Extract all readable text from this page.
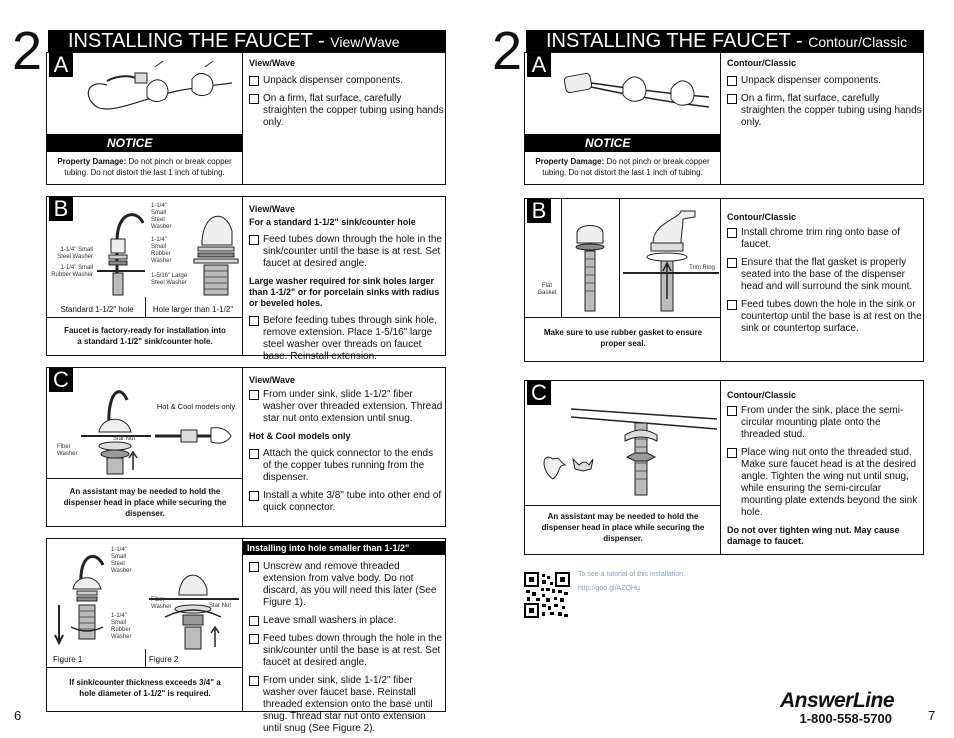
2	INSTALLING THE FAUCET - View/Wave
A
NOTICE
Property Damage: Do not pinch or break copper tubing. Do not distort the last 1 inch of tubing.
View/Wave
Unpack dispenser components.
On a firm, flat surface, carefully straighten the copper tubing using hands only.
B
1-1/4" Small Steel Washer
1-1/4" Small Rubber Washer
1-1/4" Small Steel Washer
1-1/4" Small Rubber Washer
1-5/16" Large Steel Washer
Standard 1-1/2" hole	Hole larger than 1-1/2"
Faucet is factory-ready for installation into a standard 1-1/2" sink/counter hole.
View/Wave
For a standard 1-1/2" sink/counter hole
Feed tubes down through the hole in the sink/counter until the base is at rest. Set faucet at desired angle.
Large washer required for sink holes larger than 1-1/2" or for porcelain sinks with radius or beveled holes.
Before feeding tubes through sink hole, remove extension. Place 1-5/16" large steel washer over threads on faucet base. Reinstall extension.
C
Fiber Washer
Star Nut
Hot & Cool models only
An assistant may be needed to hold the dispenser head in place while securing the dispenser.
View/Wave
From under sink, slide 1-1/2" fiber washer over threaded extension. Thread star nut onto extension until snug.
Hot & Cool models only
Attach the quick connector to the ends of the copper tubes running from the dispenser.
Install a white 3/8" tube into other end of quick connector.
1-1/4" Small Steel Washer
1-1/4" Small Rubber Washer
Fiber Washer	Star Nut
Figure 1	Figure 2
If sink/counter thickness exceeds 3/4" a hole diameter of 1-1/2" is required.
Installing into hole smaller than 1-1/2"
Unscrew and remove threaded extension from valve body. Do not discard, as you will need this later (See Figure 1).
Leave small washers in place.
Feed tubes down through the hole in the sink/counter until the base is at rest. Set faucet at desired angle.
From under sink, slide 1-1/2" fiber washer over faucet base. Reinstall threaded extension onto the base until snug. Thread star nut onto extension until snug (See Figure 2).
6
2	INSTALLING THE FAUCET - Contour/Classic
A
NOTICE
Property Damage: Do not pinch or break copper tubing. Do not distort the last 1 inch of tubing.
Contour/Classic
Unpack dispenser components.
On a firm, flat surface, carefully straighten the copper tubing using hands only.
B
Flat Gasket
Trim Ring
Make sure to use rubber gasket to ensure proper seal.
Contour/Classic
Install chrome trim ring onto base of faucet.
Ensure that the flat gasket is properly seated into the base of the dispenser head and will surround the sink mount.
Feed tubes down the hole in the sink or countertop until the base is at rest on the sink or countertop surface.
C
An assistant may be needed to hold the dispenser head in place while securing the dispenser.
Contour/Classic
From under the sink, place the semi-circular mounting plate onto the threaded stud.
Place wing nut onto the threaded stud. Make sure faucet head is at the desired angle. Tighten the wing nut until snug, while ensuring the semi-circular mounting plate extends beyond the sink hole.
Do not over tighten wing nut. May cause damage to faucet.
To see a tutorial of this installation:
http://goo.gl/AZOHu
AnswerLine
1-800-558-5700	7
